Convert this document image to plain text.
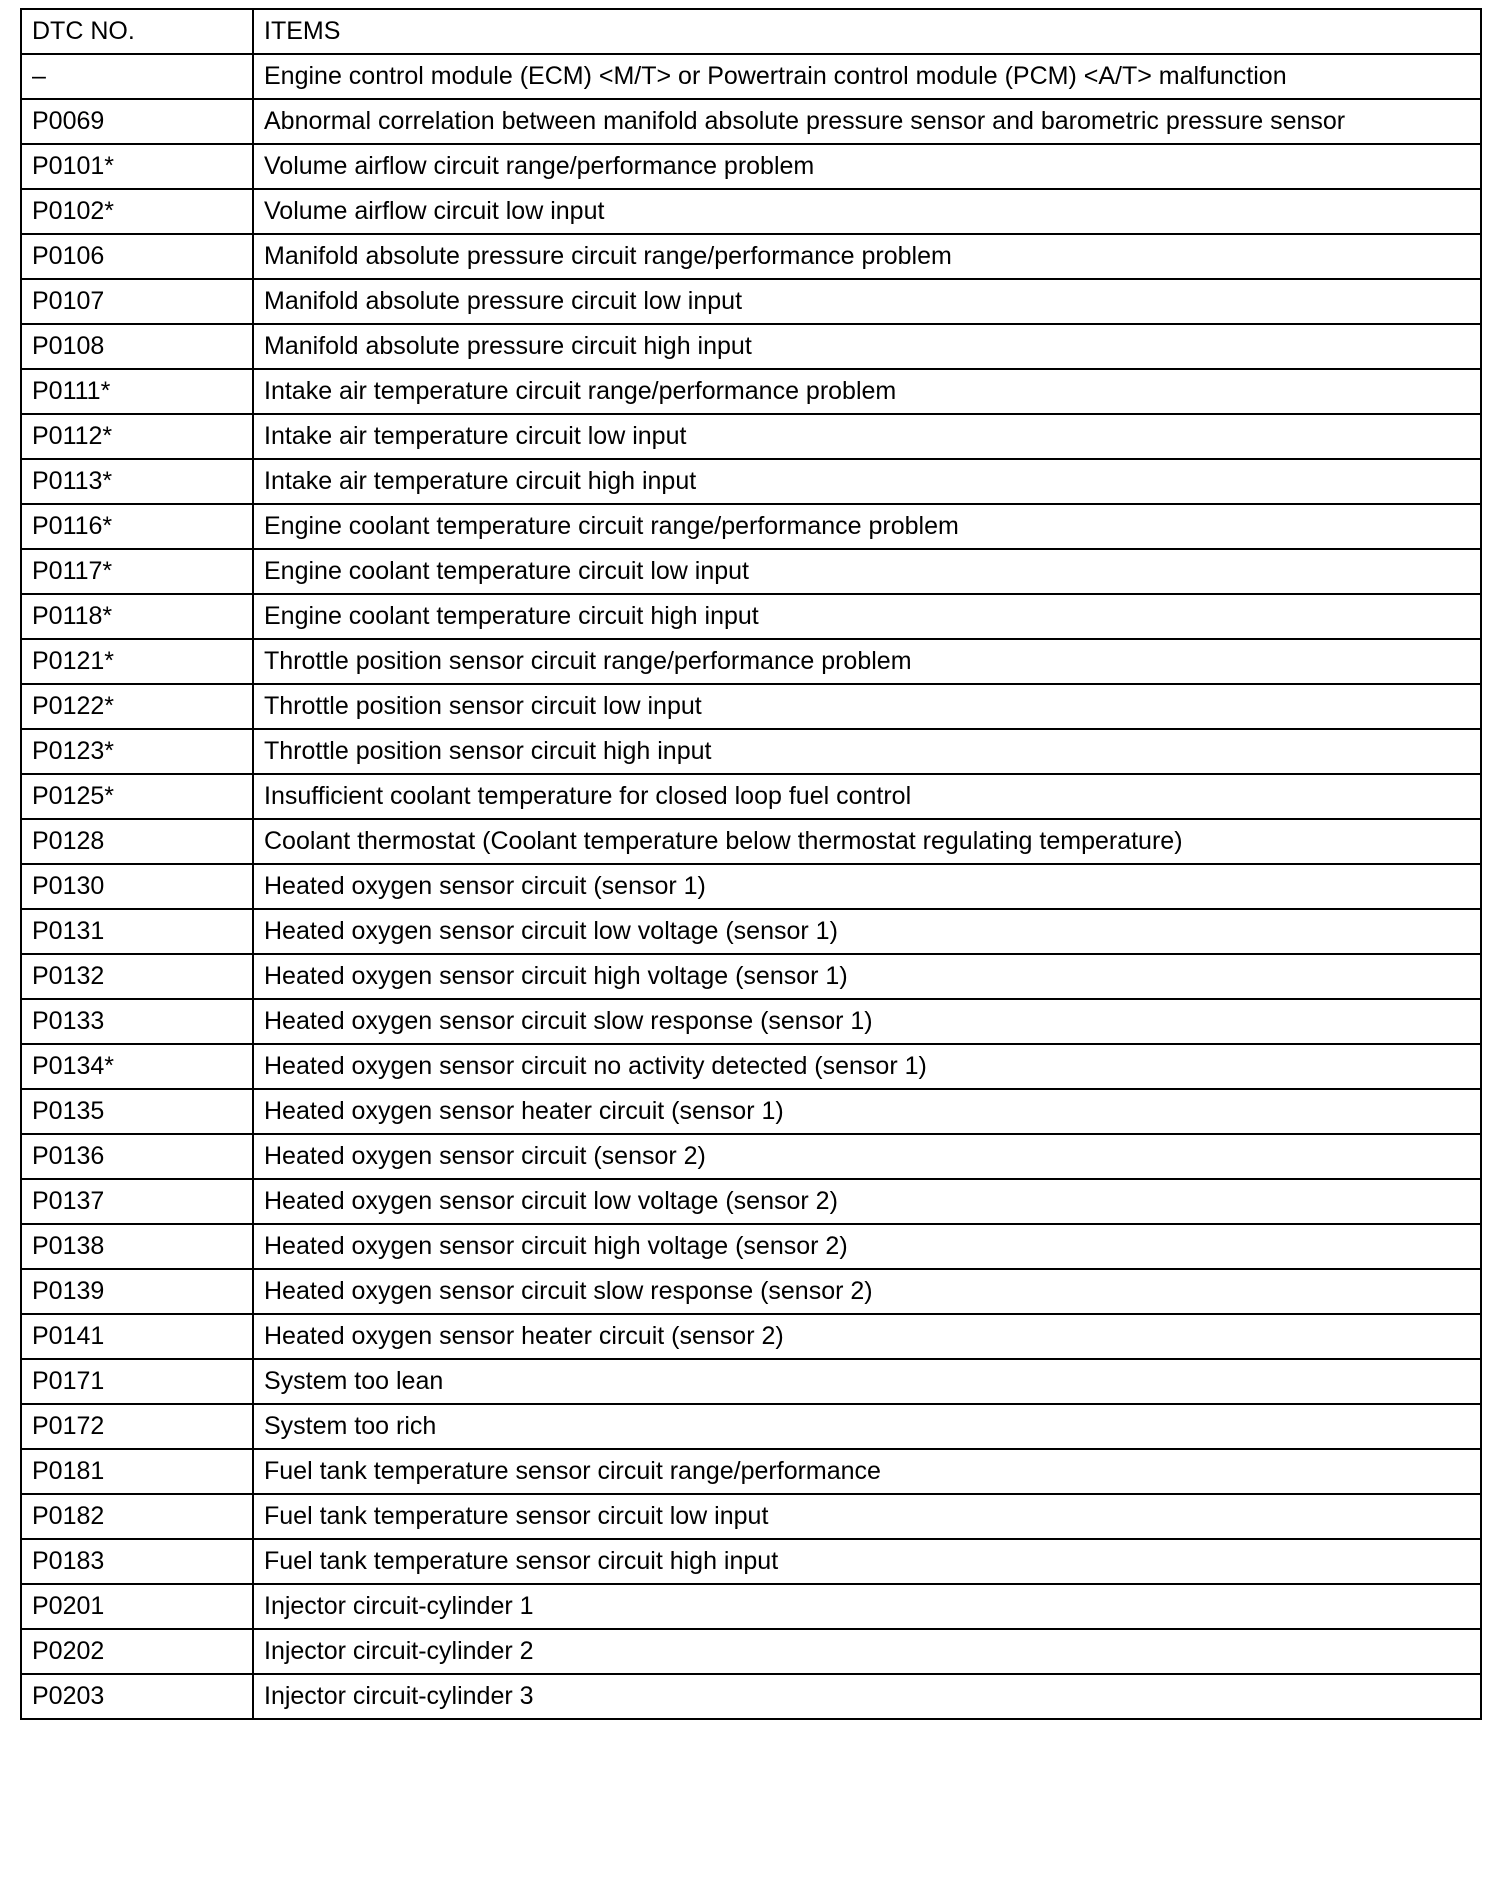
DTC NO.	ITEMS
–	Engine control module (ECM) <M/T> or Powertrain control module (PCM) <A/T> malfunction
P0069	Abnormal correlation between manifold absolute pressure sensor and barometric pressure sensor
P0101*	Volume airflow circuit range/performance problem
P0102*	Volume airflow circuit low input
P0106	Manifold absolute pressure circuit range/performance problem
P0107	Manifold absolute pressure circuit low input
P0108	Manifold absolute pressure circuit high input
P0111*	Intake air temperature circuit range/performance problem
P0112*	Intake air temperature circuit low input
P0113*	Intake air temperature circuit high input
P0116*	Engine coolant temperature circuit range/performance problem
P0117*	Engine coolant temperature circuit low input
P0118*	Engine coolant temperature circuit high input
P0121*	Throttle position sensor circuit range/performance problem
P0122*	Throttle position sensor circuit low input
P0123*	Throttle position sensor circuit high input
P0125*	Insufficient coolant temperature for closed loop fuel control
P0128	Coolant thermostat (Coolant temperature below thermostat regulating temperature)
P0130	Heated oxygen sensor circuit (sensor 1)
P0131	Heated oxygen sensor circuit low voltage (sensor 1)
P0132	Heated oxygen sensor circuit high voltage (sensor 1)
P0133	Heated oxygen sensor circuit slow response (sensor 1)
P0134*	Heated oxygen sensor circuit no activity detected (sensor 1)
P0135	Heated oxygen sensor heater circuit (sensor 1)
P0136	Heated oxygen sensor circuit (sensor 2)
P0137	Heated oxygen sensor circuit low voltage (sensor 2)
P0138	Heated oxygen sensor circuit high voltage (sensor 2)
P0139	Heated oxygen sensor circuit slow response (sensor 2)
P0141	Heated oxygen sensor heater circuit (sensor 2)
P0171	System too lean
P0172	System too rich
P0181	Fuel tank temperature sensor circuit range/performance
P0182	Fuel tank temperature sensor circuit low input
P0183	Fuel tank temperature sensor circuit high input
P0201	Injector circuit-cylinder 1
P0202	Injector circuit-cylinder 2
P0203	Injector circuit-cylinder 3
